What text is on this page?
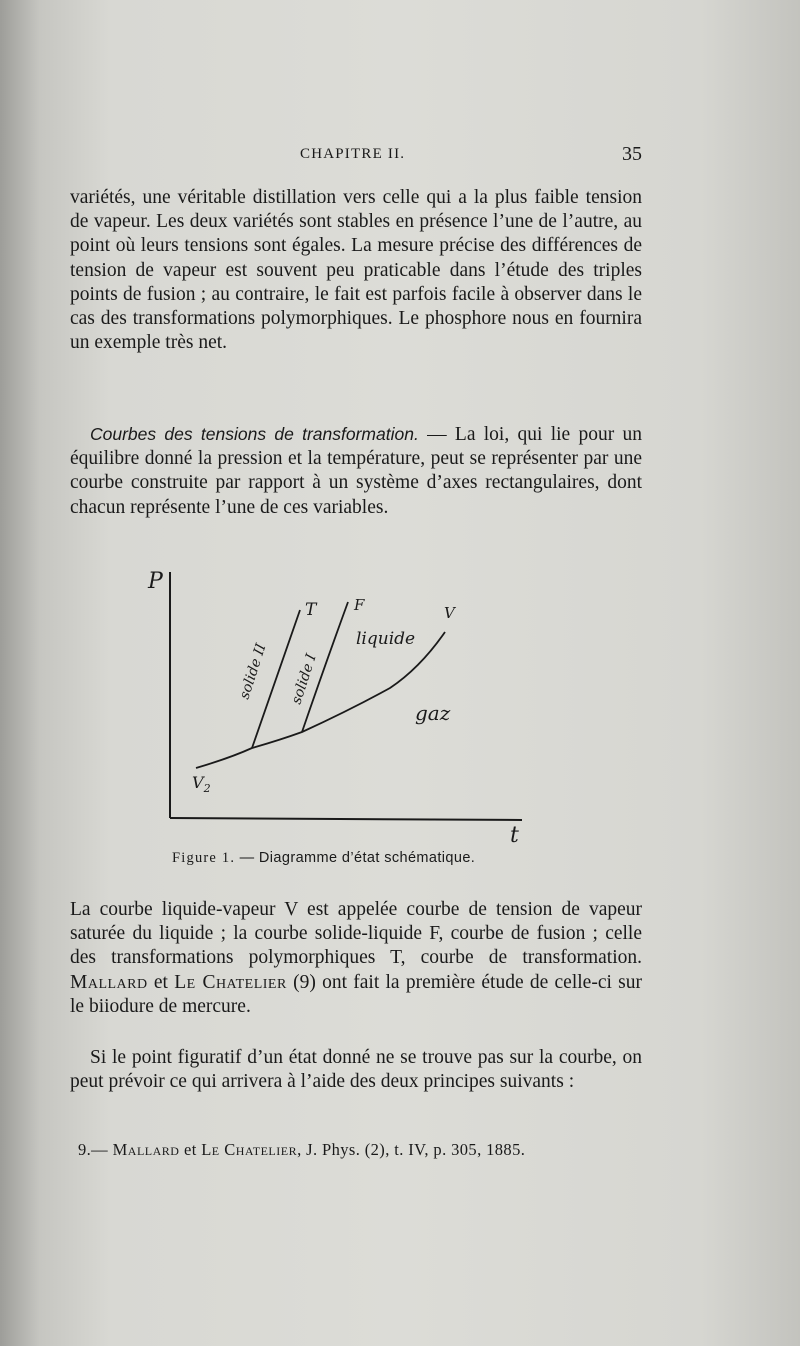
CHAPITRE II.	35

variétés, une véritable distillation vers celle qui a la plus faible tension de vapeur. Les deux variétés sont stables en présence l’une de l’autre, au point où leurs tensions sont égales. La mesure précise des différences de tension de vapeur est souvent peu praticable dans l’étude des triples points de fusion ; au contraire, le fait est parfois facile à observer dans le cas des transformations polymorphiques. Le phosphore nous en fournira un exemple très net.

Courbes des tensions de transformation. — La loi, qui lie pour un équilibre donné la pression et la température, peut se représenter par une courbe construite par rapport à un système d’axes rectangulaires, dont chacun représente l’une de ces variables.

P
t
T	F	V
liquide
gaz
solide I
solide II
$V_2$
Figure 1. — Diagramme d’état schématique.

La courbe liquide-vapeur V est appelée courbe de tension de vapeur saturée du liquide ; la courbe solide-liquide F, courbe de fusion ; celle des transformations polymorphiques T, courbe de transformation. Mallard et Le Chatelier (9) ont fait la première étude de celle-ci sur le biiodure de mercure.

Si le point figuratif d’un état donné ne se trouve pas sur la courbe, on peut prévoir ce qui arrivera à l’aide des deux principes suivants :

9.— Mallard et Le Chatelier, J. Phys. (2), t. IV, p. 305, 1885.
